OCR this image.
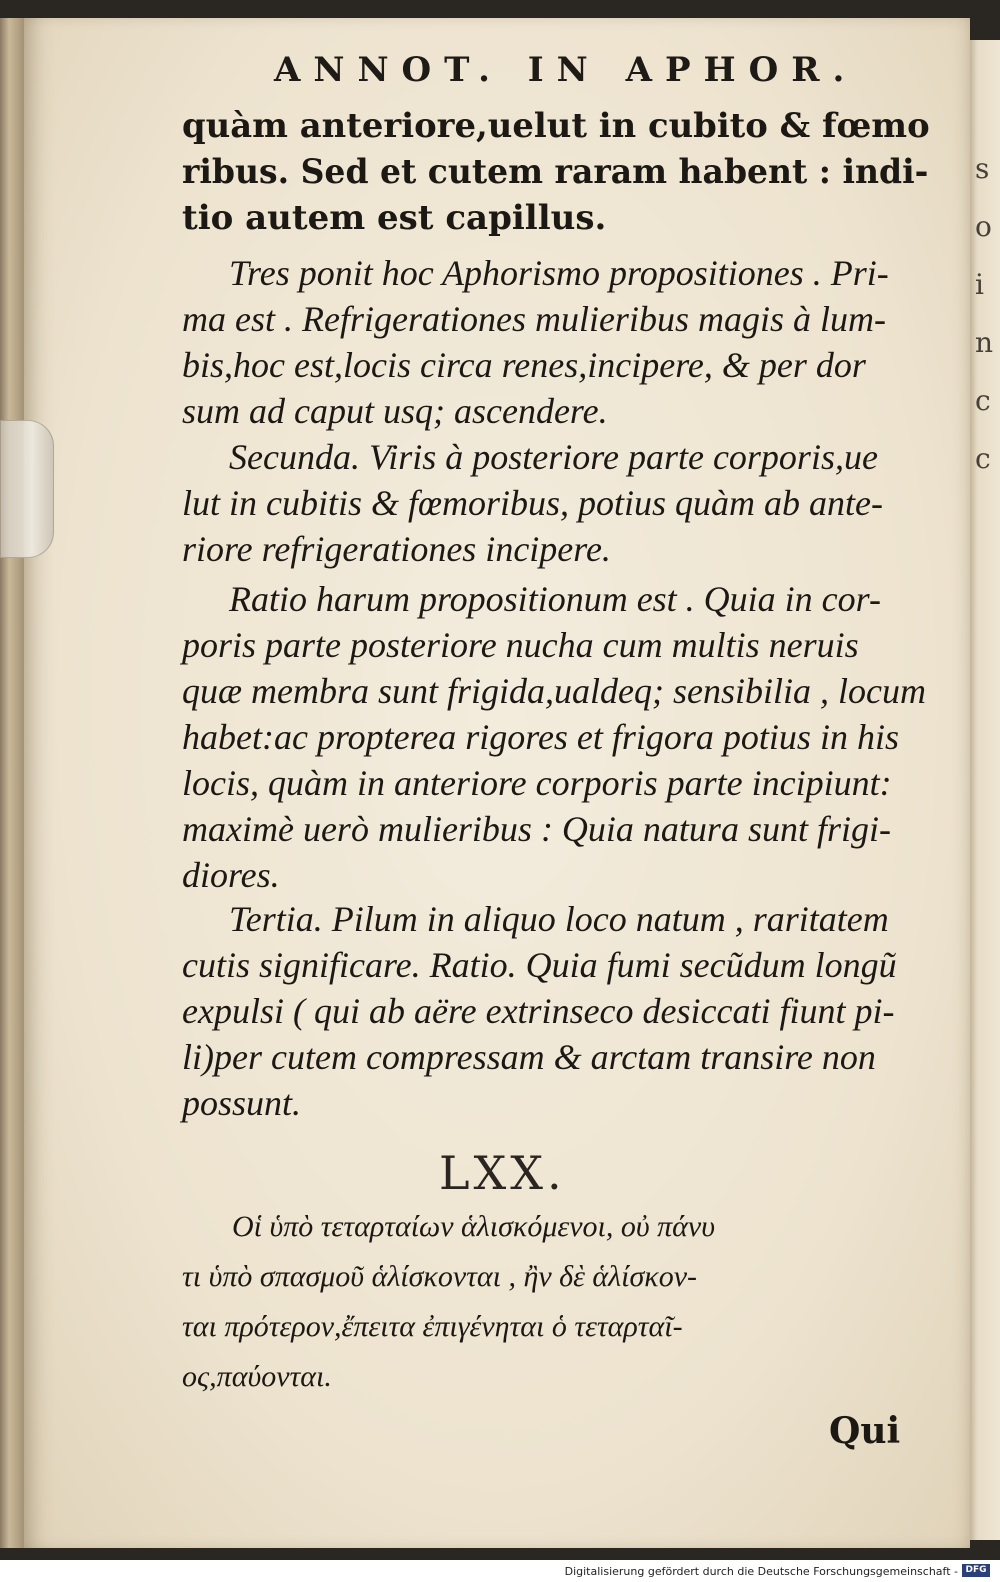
s
o
i
n
c
c
ANNOT. IN APHOR.
quàm anteriore,uelut in cubito & fœmo
ribus. Sed et cutem raram habent : indi-
tio autem est capillus.
Tres ponit hoc Aphorismo propositiones . Pri-
ma est . Refrigerationes mulieribus magis à lum-
bis,hoc est,locis circa renes,incipere, & per dor
sum ad caput usq; ascendere.
Secunda. Viris à posteriore parte corporis,ue
lut in cubitis & fœmoribus, potius quàm ab ante-
riore refrigerationes incipere.
Ratio harum propositionum est . Quia in cor-
poris parte posteriore nucha cum multis neruis
quæ membra sunt frigida,ualdeq; sensibilia , locum
habet:ac propterea rigores et frigora potius in his
locis, quàm in anteriore corporis parte incipiunt:
maximè uerò mulieribus : Quia natura sunt frigi-
diores.
Tertia. Pilum in aliquo loco natum , raritatem
cutis significare. Ratio. Quia fumi secũdum longũ
expulsi ( qui ab aëre extrinseco desiccati fiunt pi-
li)per cutem compressam & arctam transire non
possunt.
LXX.
Οἱ ὑπὸ τεταρταίων ἁλισκόμενοι, οὐ πάνυ
τι ὑπὸ σπασμοῦ ἁλίσκονται , ἢν δὲ ἁλίσκον-
ται πρότερον,ἔπειτα ἐπιγένηται ὁ τεταρταῖ-
ος,παύονται.
Qui
Digitalisierung gefördert durch die Deutsche Forschungsgemeinschaft - DFG
